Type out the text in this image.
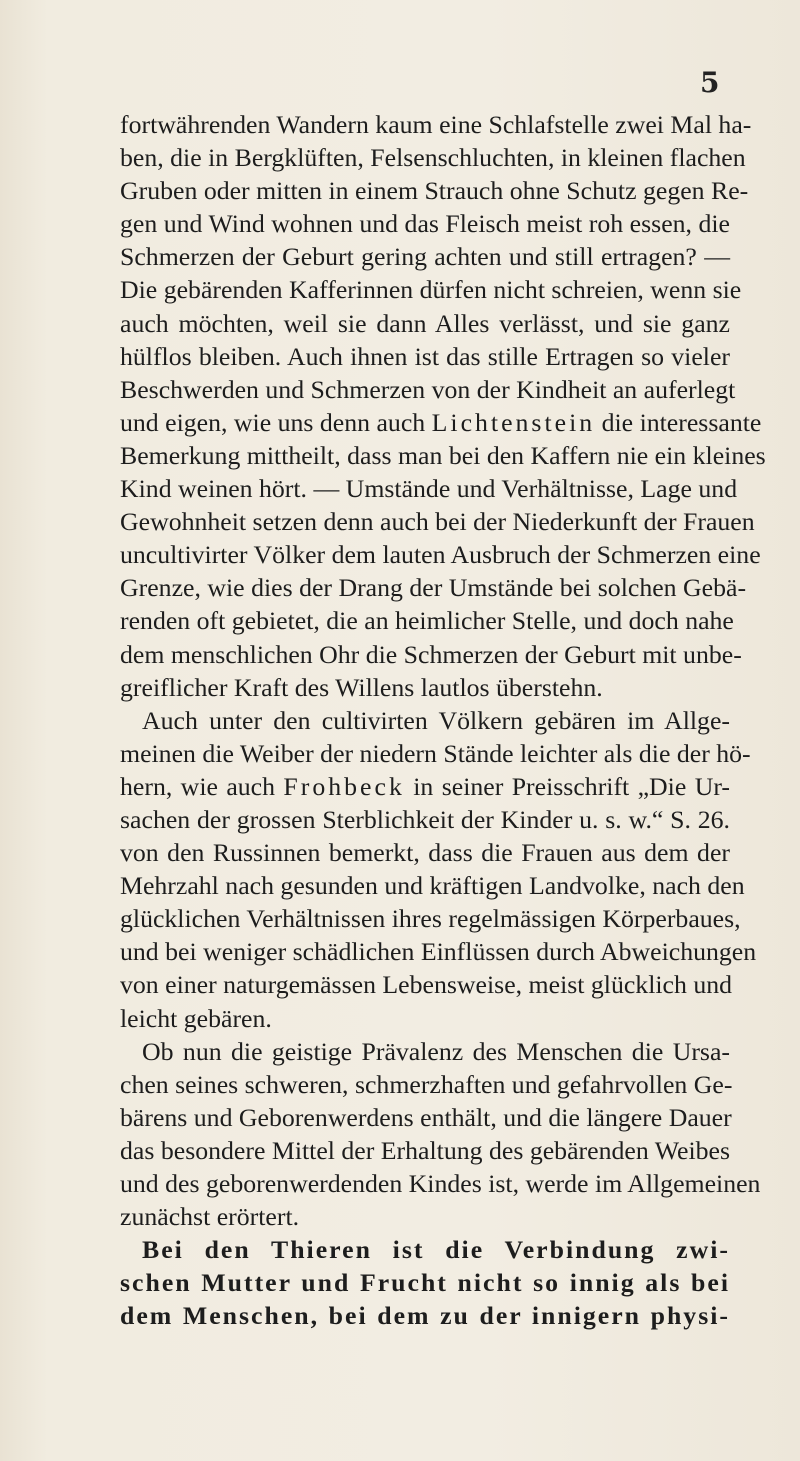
5
fortwährenden Wandern kaum eine Schlafstelle zwei Mal ha-
ben, die in Bergklüften, Felsenschluchten, in kleinen flachen
Gruben oder mitten in einem Strauch ohne Schutz gegen Re-
gen und Wind wohnen und das Fleisch meist roh essen, die
Schmerzen der Geburt gering achten und still ertragen? —
Die gebärenden Kafferinnen dürfen nicht schreien, wenn sie
auch möchten, weil sie dann Alles verlässt, und sie ganz
hülflos bleiben. Auch ihnen ist das stille Ertragen so vieler
Beschwerden und Schmerzen von der Kindheit an auferlegt
und eigen, wie uns denn auch Lichtenstein die interessante
Bemerkung mittheilt, dass man bei den Kaffern nie ein kleines
Kind weinen hört. — Umstände und Verhältnisse, Lage und
Gewohnheit setzen denn auch bei der Niederkunft der Frauen
uncultivirter Völker dem lauten Ausbruch der Schmerzen eine
Grenze, wie dies der Drang der Umstände bei solchen Gebä-
renden oft gebietet, die an heimlicher Stelle, und doch nahe
dem menschlichen Ohr die Schmerzen der Geburt mit unbe-
greiflicher Kraft des Willens lautlos überstehn.
Auch unter den cultivirten Völkern gebären im Allge-
meinen die Weiber der niedern Stände leichter als die der hö-
hern, wie auch Frohbeck in seiner Preisschrift „Die Ur-
sachen der grossen Sterblichkeit der Kinder u. s. w.“ S. 26.
von den Russinnen bemerkt, dass die Frauen aus dem der
Mehrzahl nach gesunden und kräftigen Landvolke, nach den
glücklichen Verhältnissen ihres regelmässigen Körperbaues,
und bei weniger schädlichen Einflüssen durch Abweichungen
von einer naturgemässen Lebensweise, meist glücklich und
leicht gebären.
Ob nun die geistige Prävalenz des Menschen die Ursa-
chen seines schweren, schmerzhaften und gefahrvollen Ge-
bärens und Geborenwerdens enthält, und die längere Dauer
das besondere Mittel der Erhaltung des gebärenden Weibes
und des geborenwerdenden Kindes ist, werde im Allgemeinen
zunächst erörtert.
Bei den Thieren ist die Verbindung zwi-
schen Mutter und Frucht nicht so innig als bei
dem Menschen, bei dem zu der innigern physi-
